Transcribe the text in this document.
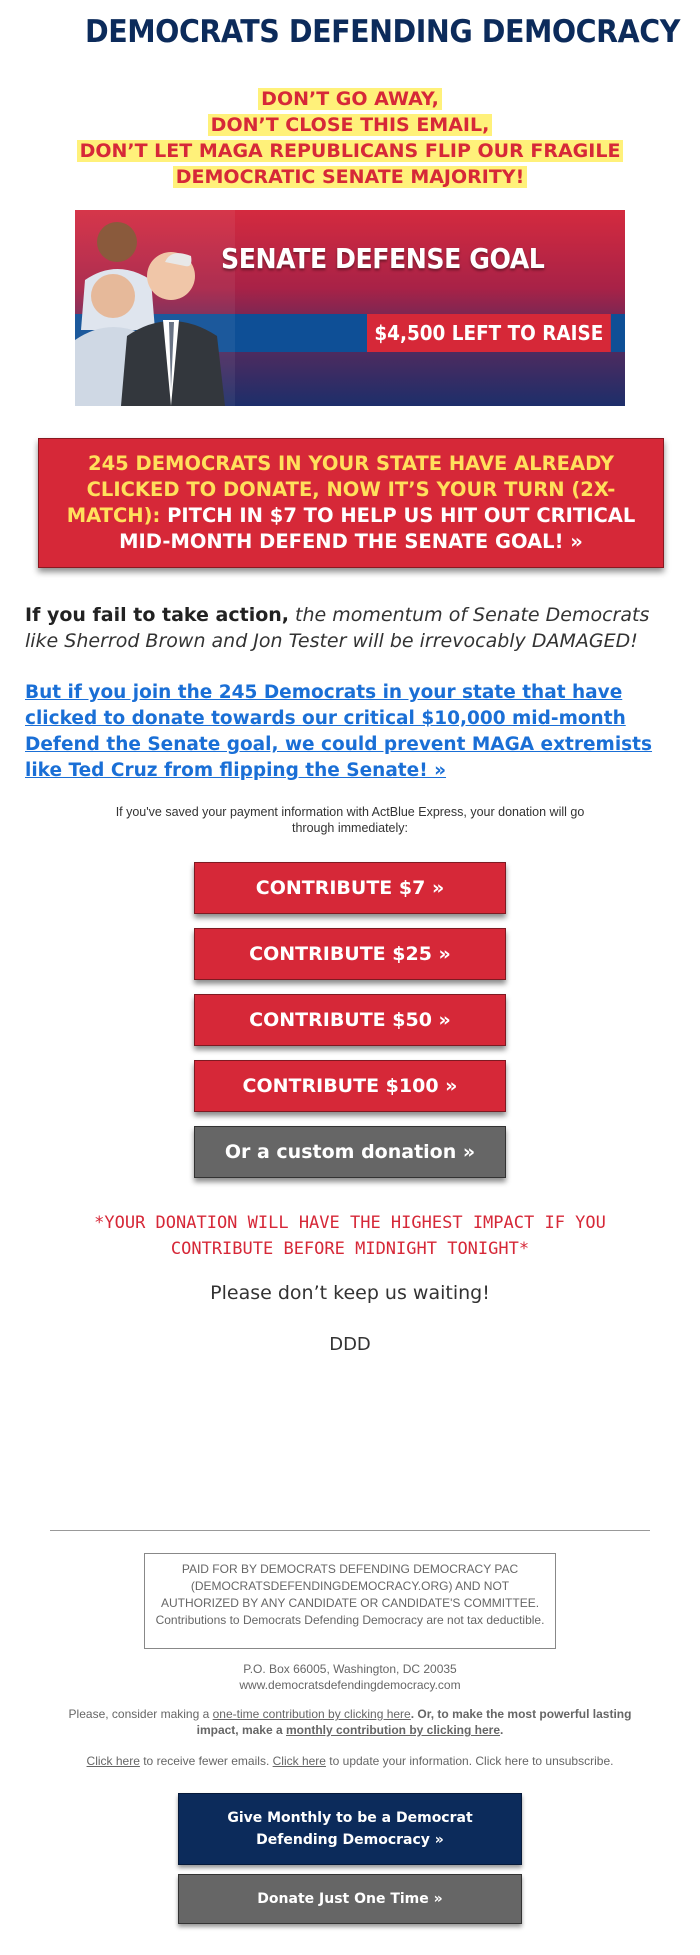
DEMOCRATS DEFENDING DEMOCRACY
DON’T GO AWAY,
DON’T CLOSE THIS EMAIL,
DON’T LET MAGA REPUBLICANS FLIP OUR FRAGILE
DEMOCRATIC SENATE MAJORITY!
SENATE DEFENSE GOAL
$4,500 LEFT TO RAISE
245 DEMOCRATS IN YOUR STATE HAVE ALREADY CLICKED TO DONATE, NOW IT’S YOUR TURN (2X-MATCH): PITCH IN $7 TO HELP US HIT OUT CRITICAL MID-MONTH DEFEND THE SENATE GOAL! »
If you fail to take action, the momentum of Senate Democrats like Sherrod Brown and Jon Tester will be irrevocably DAMAGED!
But if you join the 245 Democrats in your state that have clicked to donate towards our critical $10,000 mid-month Defend the Senate goal, we could prevent MAGA extremists like Ted Cruz from flipping the Senate! »
If you've saved your payment information with ActBlue Express, your donation will go through immediately:
CONTRIBUTE $7 »
CONTRIBUTE $25 »
CONTRIBUTE $50 »
CONTRIBUTE $100 »
Or a custom donation »
*YOUR DONATION WILL HAVE THE HIGHEST IMPACT IF YOU CONTRIBUTE BEFORE MIDNIGHT TONIGHT*
Please don’t keep us waiting!
DDD
PAID FOR BY DEMOCRATS DEFENDING DEMOCRACY PAC (DEMOCRATSDEFENDINGDEMOCRACY.ORG) AND NOT AUTHORIZED BY ANY CANDIDATE OR CANDIDATE'S COMMITTEE. Contributions to Democrats Defending Democracy are not tax deductible.
P.O. Box 66005, Washington, DC 20035
www.democratsdefendingdemocracy.com
Please, consider making a one-time contribution by clicking here. Or, to make the most powerful lasting impact, make a monthly contribution by clicking here.
Click here to receive fewer emails. Click here to update your information. Click here to unsubscribe.
Give Monthly to be a Democrat Defending Democracy »
Donate Just One Time »
